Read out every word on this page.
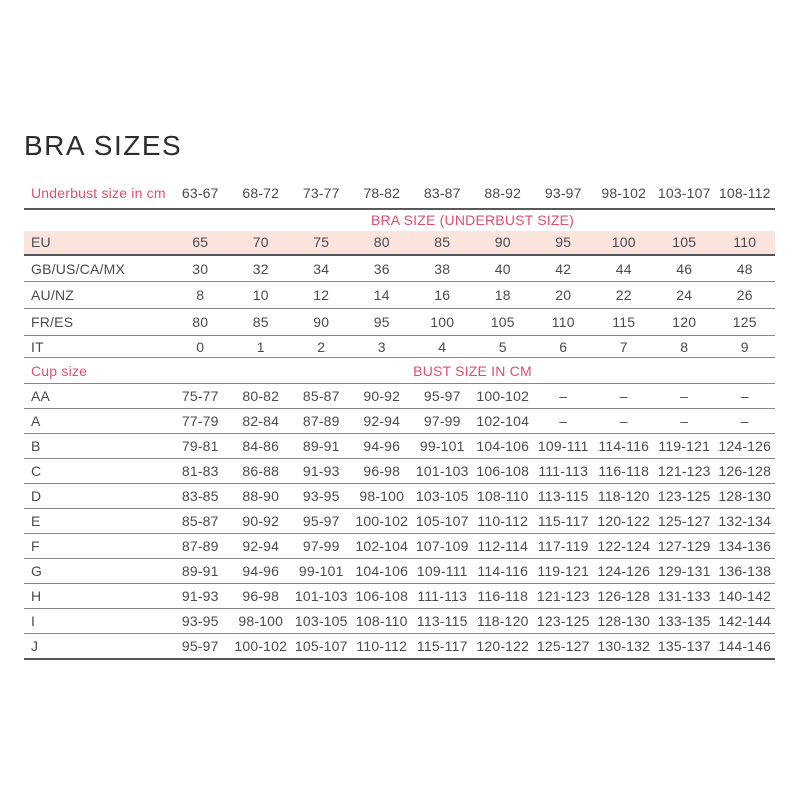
BRA SIZES
Underbust size in cm	63-67	68-72	73-77	78-82	83-87	88-92	93-97	98-102	103-107	108-112
	BRA SIZE (UNDERBUST SIZE)									
EU	65	70	75	80	85	90	95	100	105	110
GB/US/CA/MX	30	32	34	36	38	40	42	44	46	48
AU/NZ	8	10	12	14	16	18	20	22	24	26
FR/ES	80	85	90	95	100	105	110	115	120	125
IT	0	1	2	3	4	5	6	7	8	9
Cup size	BUST SIZE IN CM									
AA	75-77	80-82	85-87	90-92	95-97	100-102	–	–	–	–
A	77-79	82-84	87-89	92-94	97-99	102-104	–	–	–	–
B	79-81	84-86	89-91	94-96	99-101	104-106	109-111	114-116	119-121	124-126
C	81-83	86-88	91-93	96-98	101-103	106-108	111-113	116-118	121-123	126-128
D	83-85	88-90	93-95	98-100	103-105	108-110	113-115	118-120	123-125	128-130
E	85-87	90-92	95-97	100-102	105-107	110-112	115-117	120-122	125-127	132-134
F	87-89	92-94	97-99	102-104	107-109	112-114	117-119	122-124	127-129	134-136
G	89-91	94-96	99-101	104-106	109-111	114-116	119-121	124-126	129-131	136-138
H	91-93	96-98	101-103	106-108	111-113	116-118	121-123	126-128	131-133	140-142
I	93-95	98-100	103-105	108-110	113-115	118-120	123-125	128-130	133-135	142-144
J	95-97	100-102	105-107	110-112	115-117	120-122	125-127	130-132	135-137	144-146
